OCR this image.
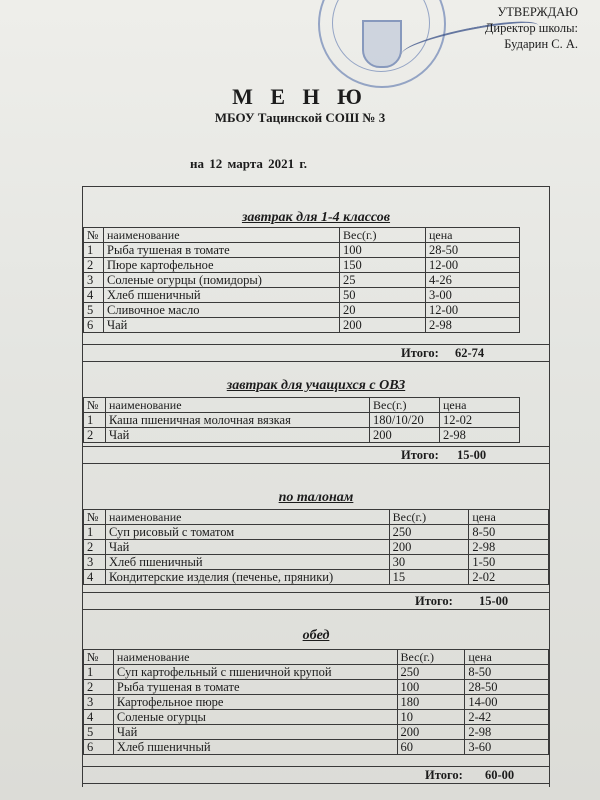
УТВЕРЖДАЮ
Директор школы:
Бударин С. А.
М Е Н Ю
МБОУ Тацинской СОШ № 3
на 12 марта 2021 г.
завтрак для 1-4 классов
№	наименование	Вес(г.)	цена
1	Рыба тушеная в томате	100	28-50
2	Пюре картофельное	150	12-00
3	Соленые огурцы (помидоры)	25	4-26
4	Хлеб пшеничный	50	3-00
5	Сливочное масло	20	12-00
6	Чай	200	2-98
Итого: 62-74
завтрак для учащихся с ОВЗ
№	наименование	Вес(г.)	цена
1	Каша пшеничная молочная вязкая	180/10/20	12-02
2	Чай	200	2-98
Итого: 15-00
по талонам
№	наименование	Вес(г.)	цена
1	Суп рисовый с томатом	250	8-50
2	Чай	200	2-98
3	Хлеб пшеничный	30	1-50
4	Кондитерские изделия (печенье, пряники)	15	2-02
Итого: 15-00
обед
№	наименование	Вес(г.)	цена
1	Суп картофельный с пшеничной крупой	250	8-50
2	Рыба тушеная в томате	100	28-50
3	Картофельное пюре	180	14-00
4	Соленые огурцы	10	2-42
5	Чай	200	2-98
6	Хлеб пшеничный	60	3-60
Итого: 60-00
